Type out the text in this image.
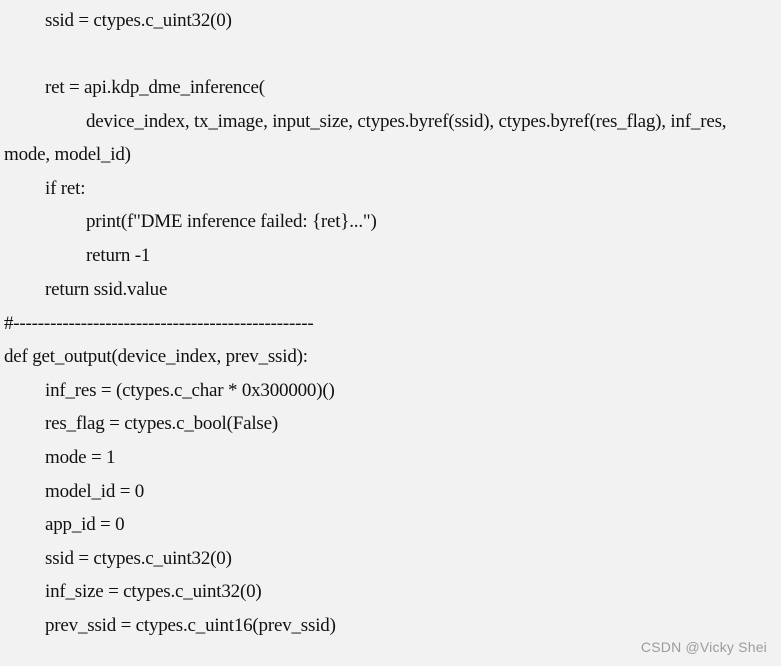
ssid = ctypes.c_uint32(0)
ret = api.kdp_dme_inference(
device_index, tx_image, input_size, ctypes.byref(ssid), ctypes.byref(res_flag), inf_res,
mode, model_id)
if ret:
print(f"DME inference failed: {ret}...")
return -1
return ssid.value
#-------------------------------------------------
def get_output(device_index, prev_ssid):
inf_res = (ctypes.c_char * 0x300000)()
res_flag = ctypes.c_bool(False)
mode = 1
model_id = 0
app_id = 0
ssid = ctypes.c_uint32(0)
inf_size = ctypes.c_uint32(0)
prev_ssid = ctypes.c_uint16(prev_ssid)
CSDN @Vicky Shei
